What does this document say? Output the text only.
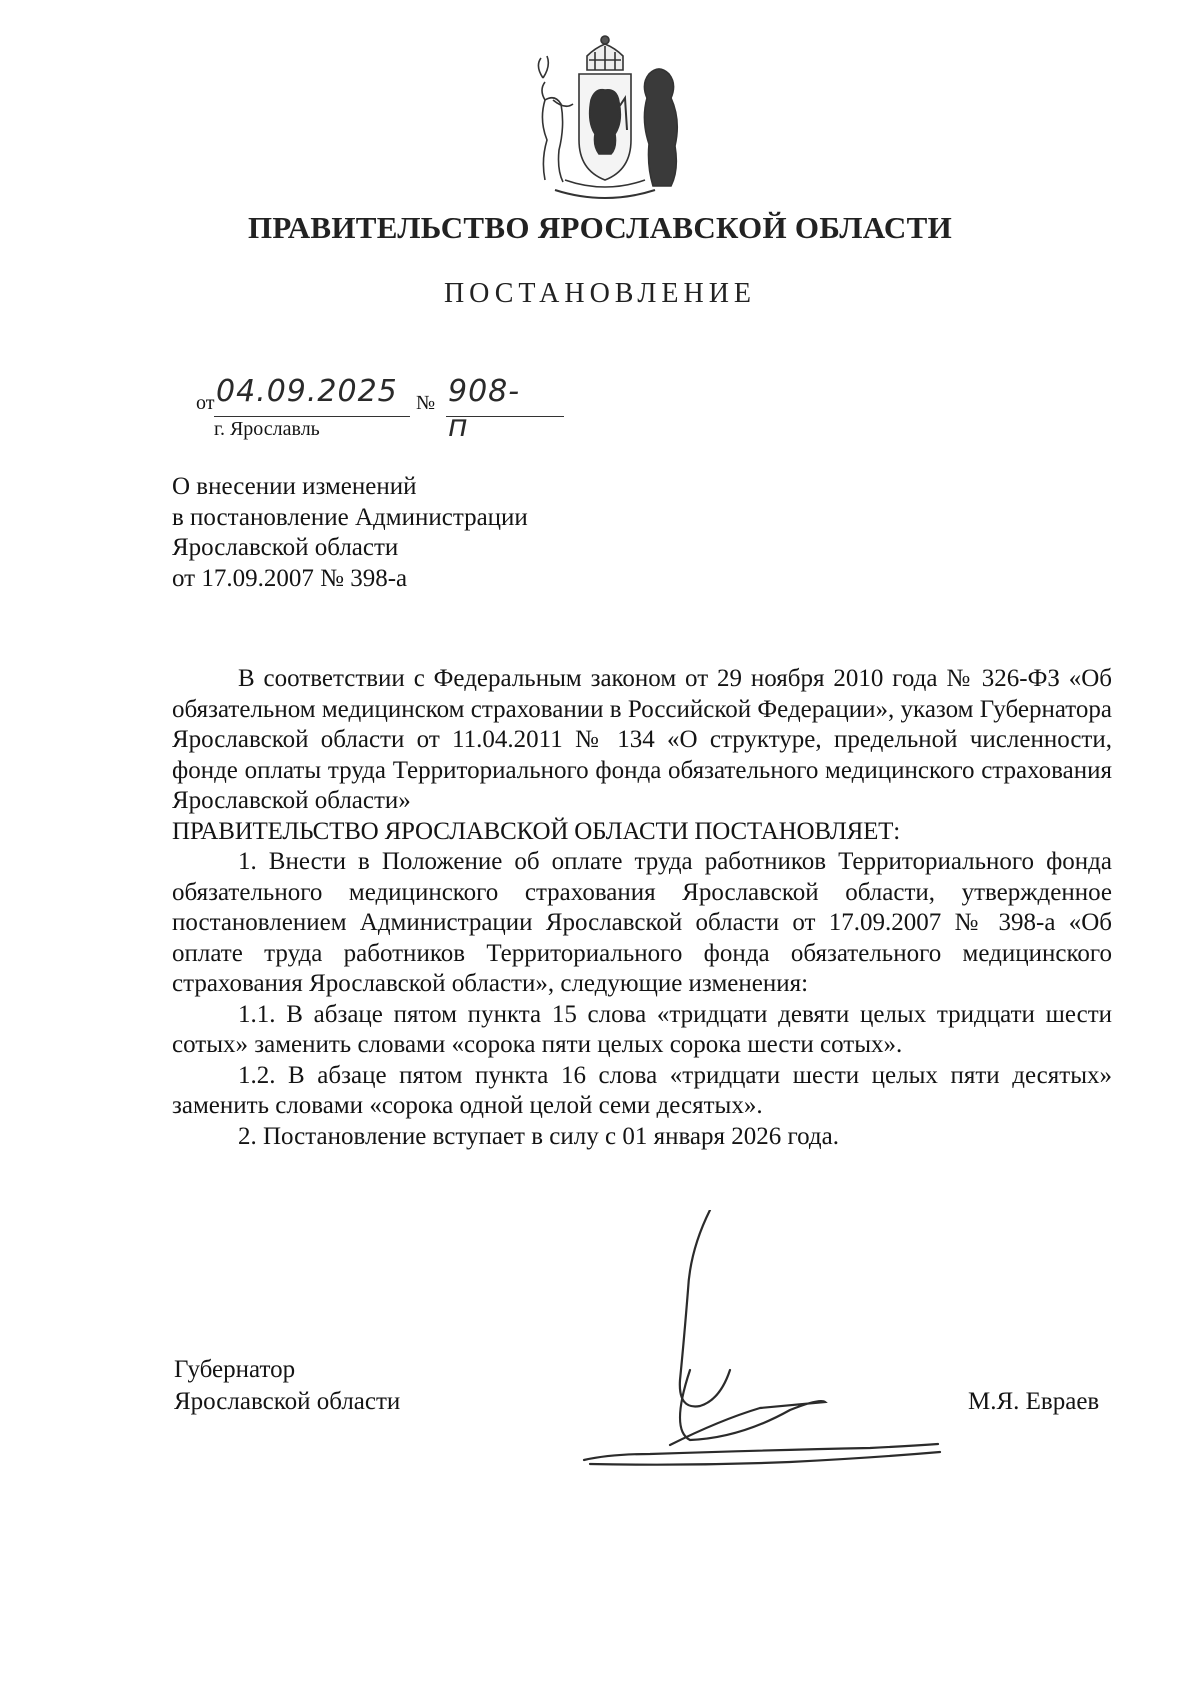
ПРАВИТЕЛЬСТВО ЯРОСЛАВСКОЙ ОБЛАСТИ
ПОСТАНОВЛЕНИЕ
от 04.09.2025 № 908-п
г. Ярославль
О внесении изменений
в постановление Администрации
Ярославской области
от 17.09.2007 № 398-а

В соответствии с Федеральным законом от 29 ноября 2010 года № 326-ФЗ «Об обязательном медицинском страховании в Российской Федерации», указом Губернатора Ярославской области от 11.04.2011 № 134 «О структуре, предельной численности, фонде оплаты труда Территориального фонда обязательного медицинского страхования Ярославской области»

ПРАВИТЕЛЬСТВО ЯРОСЛАВСКОЙ ОБЛАСТИ ПОСТАНОВЛЯЕТ:

1. Внести в Положение об оплате труда работников Территориального фонда обязательного медицинского страхования Ярославской области, утвержденное постановлением Администрации Ярославской области от 17.09.2007 № 398-а «Об оплате труда работников Территориального фонда обязательного медицинского страхования Ярославской области», следующие изменения:

1.1. В абзаце пятом пункта 15 слова «тридцати девяти целых тридцати шести сотых» заменить словами «сорока пяти целых сорока шести сотых».

1.2. В абзаце пятом пункта 16 слова «тридцати шести целых пяти десятых» заменить словами «сорока одной целой семи десятых».

2. Постановление вступает в силу с 01 января 2026 года.

Губернатор
Ярославской области	М.Я. Евраев
